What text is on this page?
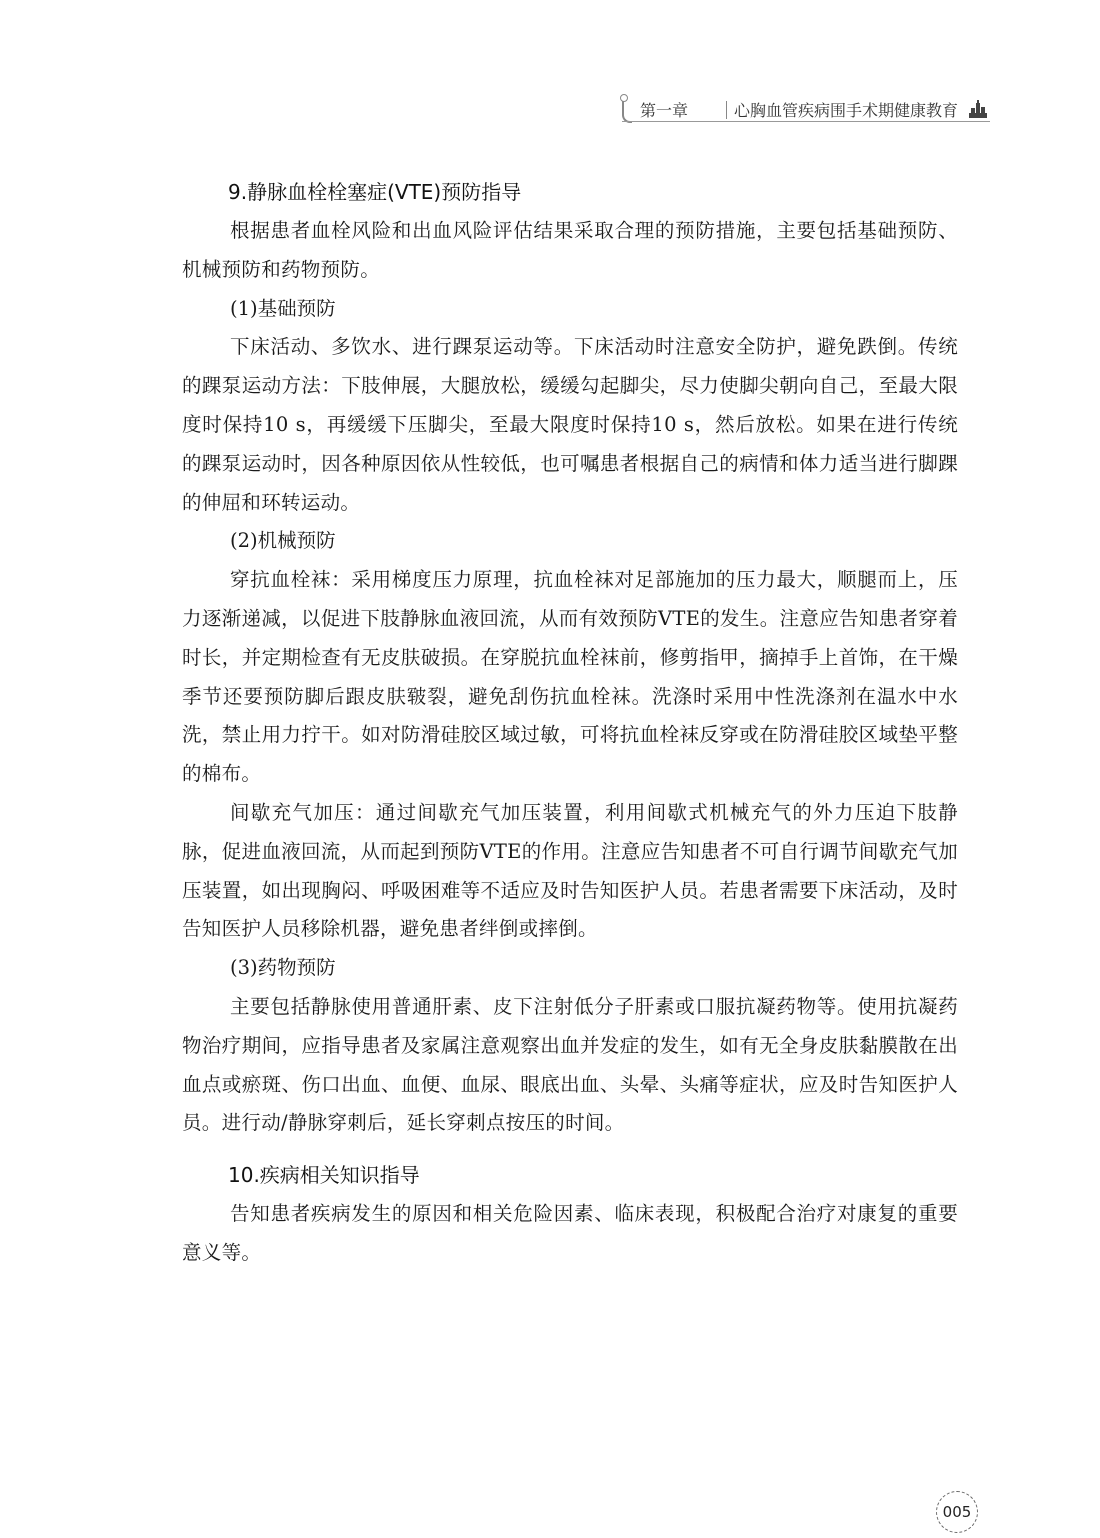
第一章	心胸血管疾病围手术期健康教育
9.静脉血栓栓塞症(VTE)预防指导

根据患者血栓风险和出血风险评估结果采取合理的预防措施，主要包括基础预防、机械预防和药物预防。

(1)基础预防

下床活动、多饮水、进行踝泵运动等。下床活动时注意安全防护，避免跌倒。传统的踝泵运动方法：下肢伸展，大腿放松，缓缓勾起脚尖，尽力使脚尖朝向自己，至最大限度时保持10 s，再缓缓下压脚尖，至最大限度时保持10 s，然后放松。如果在进行传统的踝泵运动时，因各种原因依从性较低，也可嘱患者根据自己的病情和体力适当进行脚踝的伸屈和环转运动。

(2)机械预防

穿抗血栓袜：采用梯度压力原理，抗血栓袜对足部施加的压力最大，顺腿而上，压力逐渐递减，以促进下肢静脉血液回流，从而有效预防VTE的发生。注意应告知患者穿着时长，并定期检查有无皮肤破损。在穿脱抗血栓袜前，修剪指甲，摘掉手上首饰，在干燥季节还要预防脚后跟皮肤皲裂，避免刮伤抗血栓袜。洗涤时采用中性洗涤剂在温水中水洗，禁止用力拧干。如对防滑硅胶区域过敏，可将抗血栓袜反穿或在防滑硅胶区域垫平整的棉布。

间歇充气加压：通过间歇充气加压装置，利用间歇式机械充气的外力压迫下肢静脉，促进血液回流，从而起到预防VTE的作用。注意应告知患者不可自行调节间歇充气加压装置，如出现胸闷、呼吸困难等不适应及时告知医护人员。若患者需要下床活动，及时告知医护人员移除机器，避免患者绊倒或摔倒。

(3)药物预防

主要包括静脉使用普通肝素、皮下注射低分子肝素或口服抗凝药物等。使用抗凝药物治疗期间，应指导患者及家属注意观察出血并发症的发生，如有无全身皮肤黏膜散在出血点或瘀斑、伤口出血、血便、血尿、眼底出血、头晕、头痛等症状，应及时告知医护人员。进行动/静脉穿刺后，延长穿刺点按压的时间。

10.疾病相关知识指导

告知患者疾病发生的原因和相关危险因素、临床表现，积极配合治疗对康复的重要意义等。

005
